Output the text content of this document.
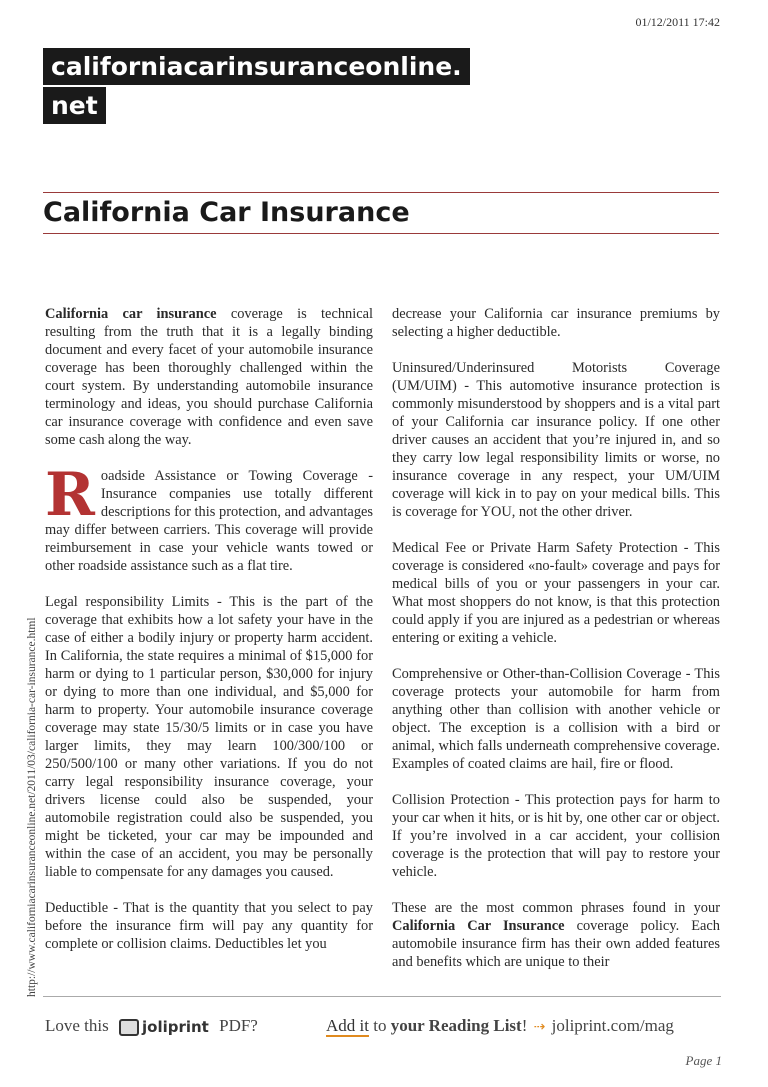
01/12/2011 17:42
californiacarinsuranceonline.
net
California Car Insurance
http://www.californiacarinsuranceonline.net/2011/03/california-car-insurance.html

California car insurance coverage is technical resulting from the truth that it is a legally binding document and every facet of your automobile insurance coverage has been thoroughly challenged within the court system. By understanding automobile insurance terminology and ideas, you should purchase California car insurance coverage with confidence and even save some cash along the way.

Roadside Assistance or Towing Coverage - Insurance companies use totally different descriptions for this protection, and advantages may differ between carriers. This coverage will provide reimbursement in case your vehicle wants towed or other roadside assistance such as a flat tire.

Legal responsibility Limits - This is the part of the coverage that exhibits how a lot safety your have in the case of either a bodily injury or property harm accident. In California, the state requires a minimal of $15,000 for harm or dying to 1 particular person, $30,000 for injury or dying to more than one individual, and $5,000 for harm to property. Your automobile insurance coverage coverage may state 15/30/5 limits or in case you have larger limits, they may learn 100/300/100 or 250/500/100 or many other variations. If you do not carry legal responsibility insurance coverage, your drivers license could also be suspended, your automobile registration could also be suspended, you might be ticketed, your car may be impounded and within the case of an accident, you may be personally liable to compensate for any damages you caused.

Deductible - That is the quantity that you select to pay before the insurance firm will pay any quantity for complete or collision claims. Deductibles let you

decrease your California car insurance premiums by selecting a higher deductible.

Uninsured/Underinsured Motorists Coverage (UM/UIM) - This automotive insurance protection is commonly misunderstood by shoppers and is a vital part of your California car insurance policy. If one other driver causes an accident that you’re injured in, and so they carry low legal responsibility limits or worse, no insurance coverage in any respect, your UM/UIM coverage will kick in to pay on your medical bills. This is coverage for YOU, not the other driver.

Medical Fee or Private Harm Safety Protection - This coverage is considered «no-fault» coverage and pays for medical bills of you or your passengers in your car. What most shoppers do not know, is that this protection could apply if you are injured as a pedestrian or whereas entering or exiting a vehicle.

Comprehensive or Other-than-Collision Coverage - This coverage protects your automobile for harm from anything other than collision with another vehicle or object. The exception is a collision with a bird or animal, which falls underneath comprehensive coverage. Examples of coated claims are hail, fire or flood.

Collision Protection - This protection pays for harm to your car when it hits, or is hit by, one other car or object. If you’re involved in a car accident, your collision coverage is the protection that will pay to restore your vehicle.

These are the most common phrases found in your California Car Insurance coverage policy. Each automobile insurance firm has their own added features and benefits which are unique to their

Love this joliprint PDF?	Add it to your Reading List! ⇢ joliprint.com/mag
Page 1
